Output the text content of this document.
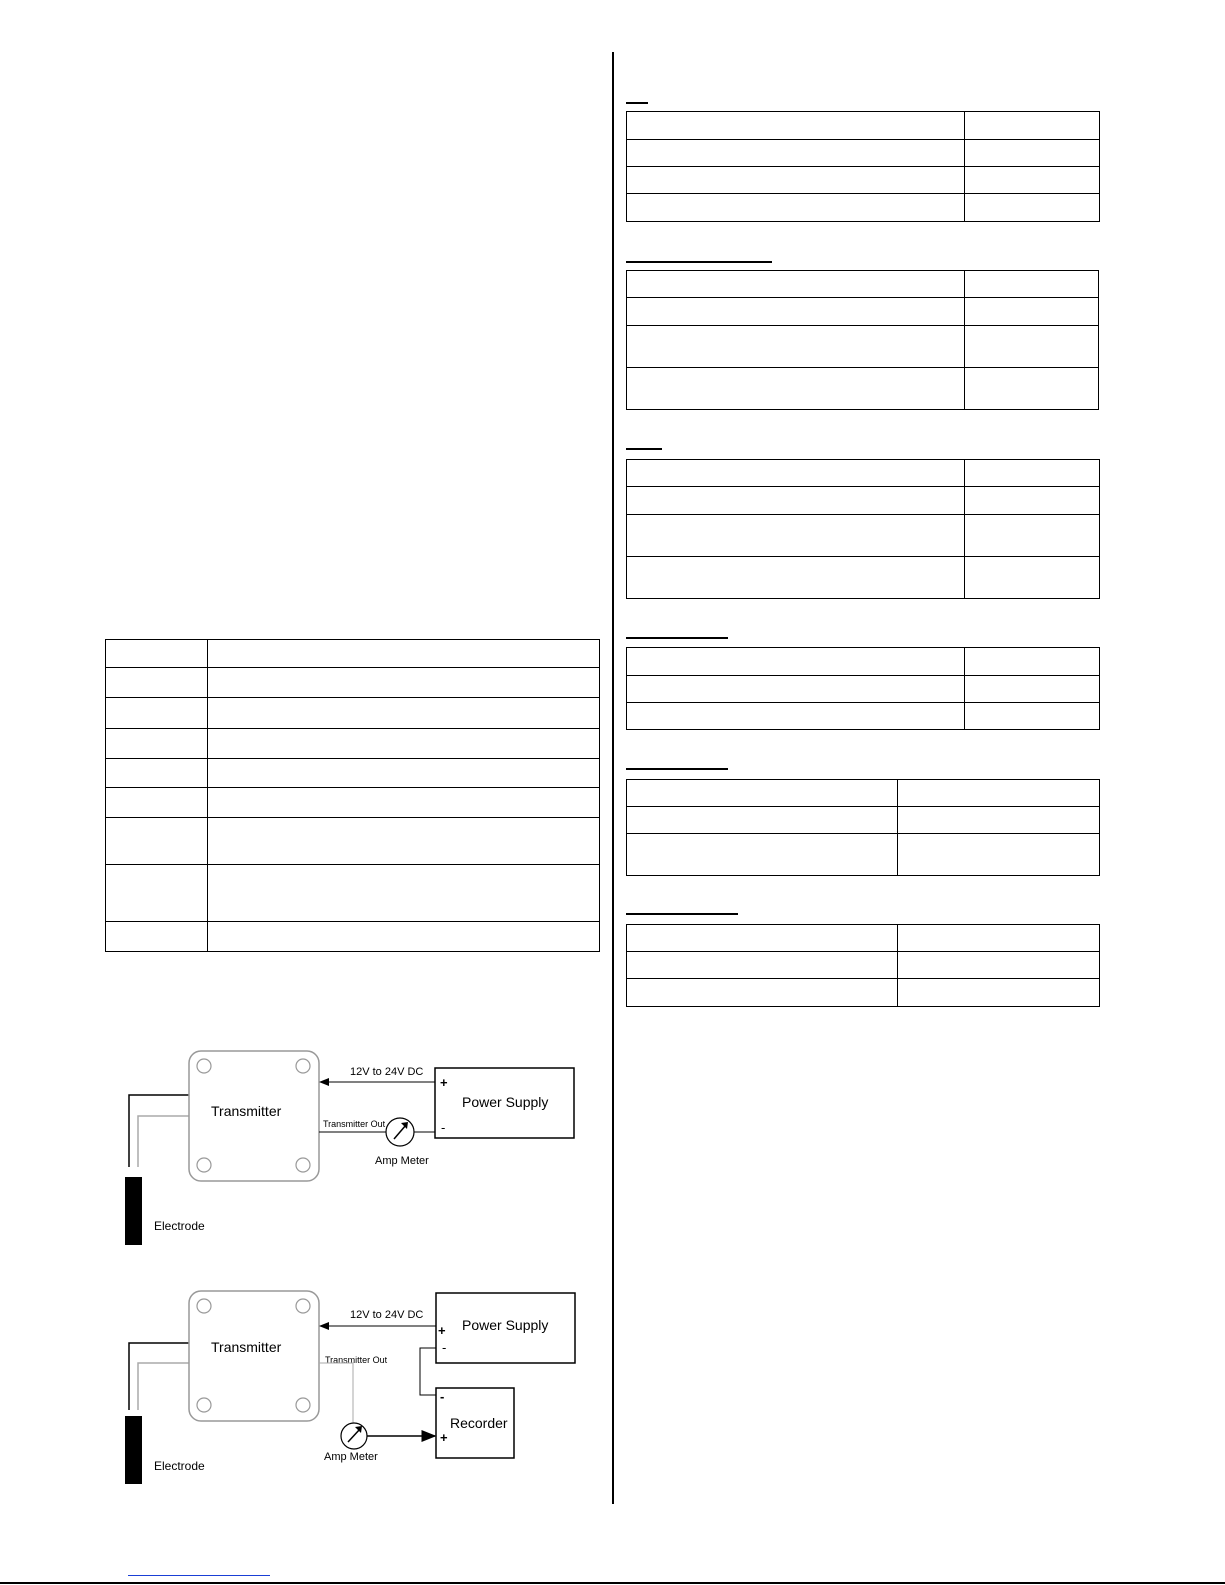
Electrode
Transmitter
12V to 24V DC
Transmitter Out
Amp Meter
Power Supply
+
-
Electrode
Transmitter
12V to 24V DC
Transmitter Out
Amp Meter
Power Supply
+
-
Recorder
-
+
